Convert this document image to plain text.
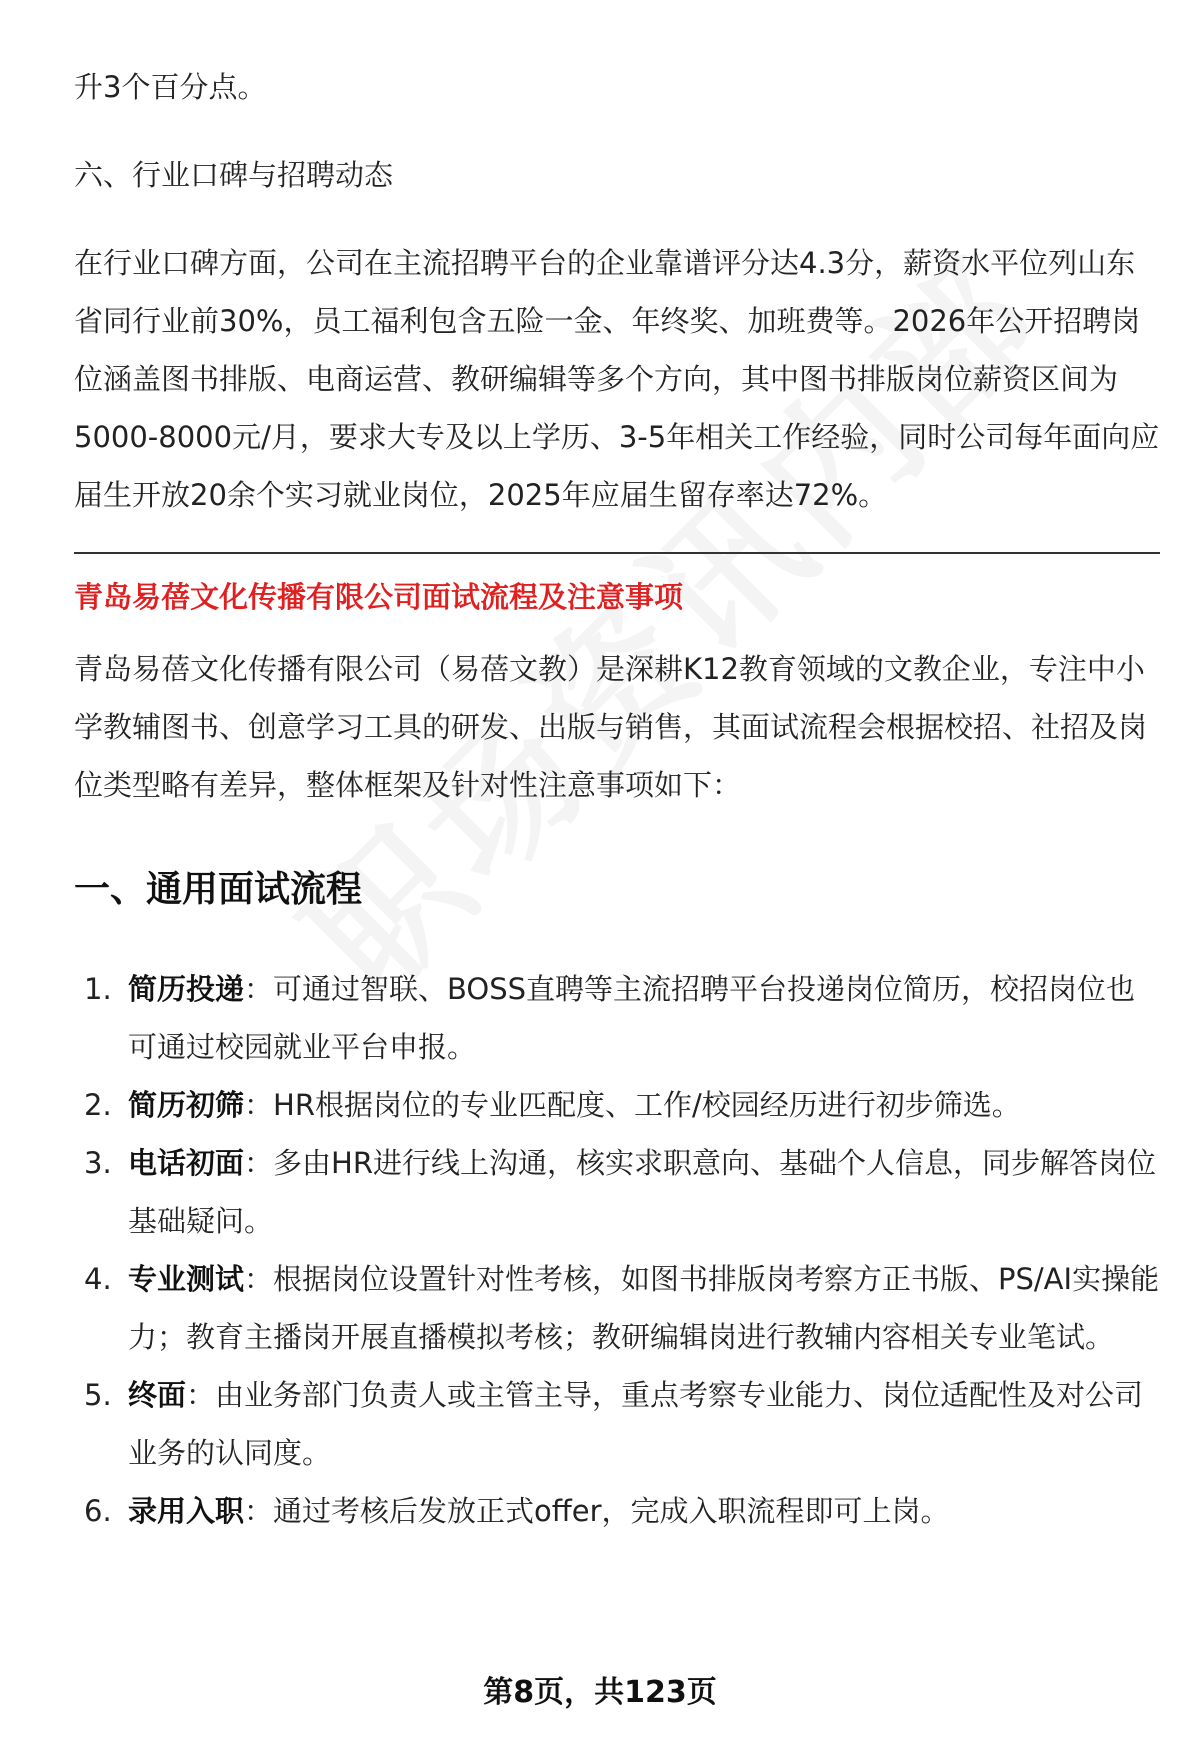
升3个百分点。

六、行业口碑与招聘动态

在行业口碑方面，公司在主流招聘平台的企业靠谱评分达4.3分，薪资水平位列山东省同行业前30%，员工福利包含五险一金、年终奖、加班费等。2026年公开招聘岗位涵盖图书排版、电商运营、教研编辑等多个方向，其中图书排版岗位薪资区间为5000-8000元/月，要求大专及以上学历、3-5年相关工作经验，同时公司每年面向应届生开放20余个实习就业岗位，2025年应届生留存率达72%。

青岛易蓓文化传播有限公司面试流程及注意事项

青岛易蓓文化传播有限公司（易蓓文教）是深耕K12教育领域的文教企业，专注中小学教辅图书、创意学习工具的研发、出版与销售，其面试流程会根据校招、社招及岗位类型略有差异，整体框架及针对性注意事项如下：

一、通用面试流程
1. 简历投递：可通过智联、BOSS直聘等主流招聘平台投递岗位简历，校招岗位也可通过校园就业平台申报。
2. 简历初筛：HR根据岗位的专业匹配度、工作/校园经历进行初步筛选。
3. 电话初面：多由HR进行线上沟通，核实求职意向、基础个人信息，同步解答岗位基础疑问。
4. 专业测试：根据岗位设置针对性考核，如图书排版岗考察方正书版、PS/AI实操能力；教育主播岗开展直播模拟考核；教研编辑岗进行教辅内容相关专业笔试。
5. 终面：由业务部门负责人或主管主导，重点考察专业能力、岗位适配性及对公司业务的认同度。
6. 录用入职：通过考核后发放正式offer，完成入职流程即可上岗。
第8页，共123页
